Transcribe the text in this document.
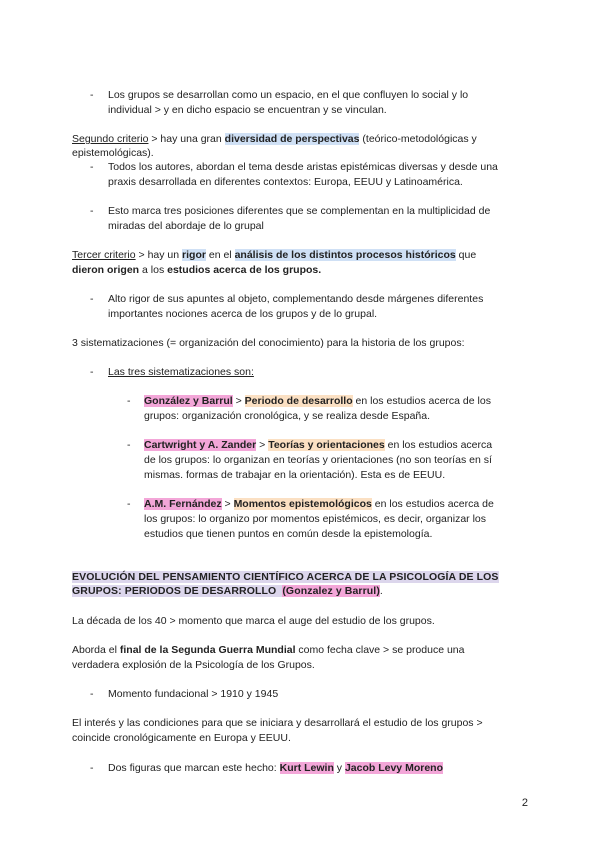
-	Los grupos se desarrollan como un espacio, en el que confluyen lo social y lo
individual > y en dicho espacio se encuentran y se vinculan.
Segundo criterio > hay una gran diversidad de perspectivas (teórico-metodológicas y
epistemológicas).
-	Todos los autores, abordan el tema desde aristas epistémicas diversas y desde una
praxis desarrollada en diferentes contextos: Europa, EEUU y Latinoamérica.
-	Esto marca tres posiciones diferentes que se complementan en la multiplicidad de
miradas del abordaje de lo grupal
Tercer criterio > hay un rigor en el análisis de los distintos procesos históricos que
dieron origen a los estudios acerca de los grupos.
-	Alto rigor de sus apuntes al objeto, complementando desde márgenes diferentes
importantes nociones acerca de los grupos y de lo grupal.
3 sistematizaciones (= organización del conocimiento) para la historia de los grupos:
-	Las tres sistematizaciones son:
-	González y Barrul > Periodo de desarrollo en los estudios acerca de los
grupos: organización cronológica, y se realiza desde España.
-	Cartwright y A. Zander > Teorías y orientaciones en los estudios acerca
de los grupos: lo organizan en teorías y orientaciones (no son teorías en sí
mismas. formas de trabajar en la orientación). Esta es de EEUU.
-	A.M. Fernández > Momentos epistemológicos en los estudios acerca de
los grupos: lo organizo por momentos epistémicos, es decir, organizar los
estudios que tienen puntos en común desde la epistemología.
EVOLUCIÓN DEL PENSAMIENTO CIENTÍFICO ACERCA DE LA PSICOLOGÍA DE LOS
GRUPOS: PERIODOS DE DESARROLLO (Gonzalez y Barrul).
La década de los 40 > momento que marca el auge del estudio de los grupos.
Aborda el final de la Segunda Guerra Mundial como fecha clave > se produce una
verdadera explosión de la Psicología de los Grupos.
-	Momento fundacional > 1910 y 1945
El interés y las condiciones para que se iniciara y desarrollará el estudio de los grupos >
coincide cronológicamente en Europa y EEUU.
-	Dos figuras que marcan este hecho: Kurt Lewin y Jacob Levy Moreno
2
